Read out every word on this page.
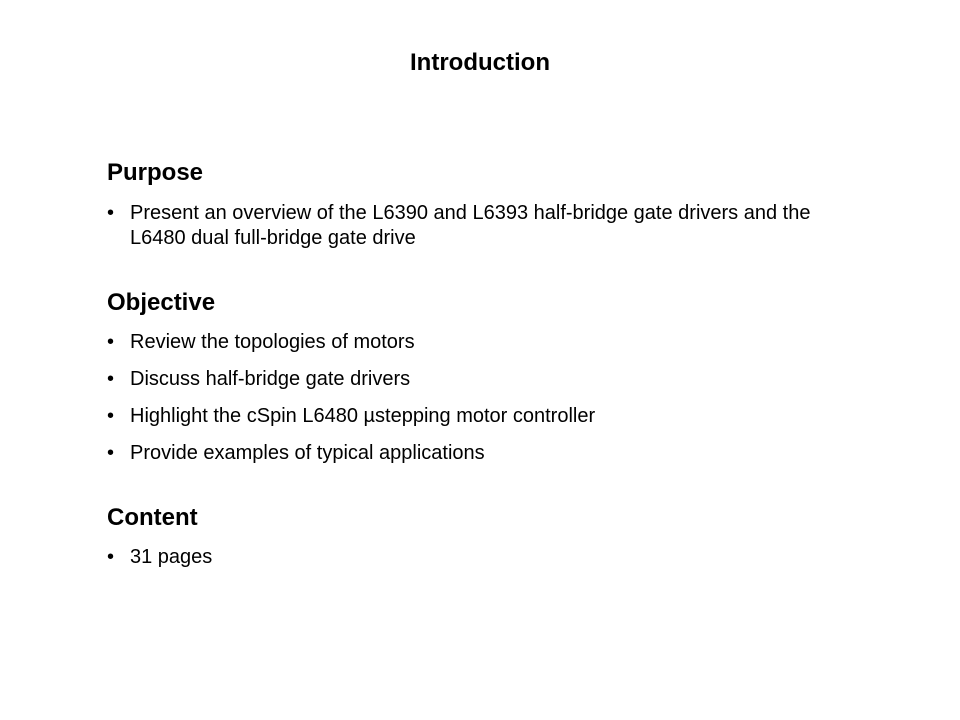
Introduction
Purpose
• Present an overview of the L6390 and L6393 half-bridge gate drivers and the L6480 dual full-bridge gate drive
Objective
• Review the topologies of motors
• Discuss half-bridge gate drivers
• Highlight the cSpin L6480 µstepping motor controller
• Provide examples of typical applications
Content
• 31 pages
